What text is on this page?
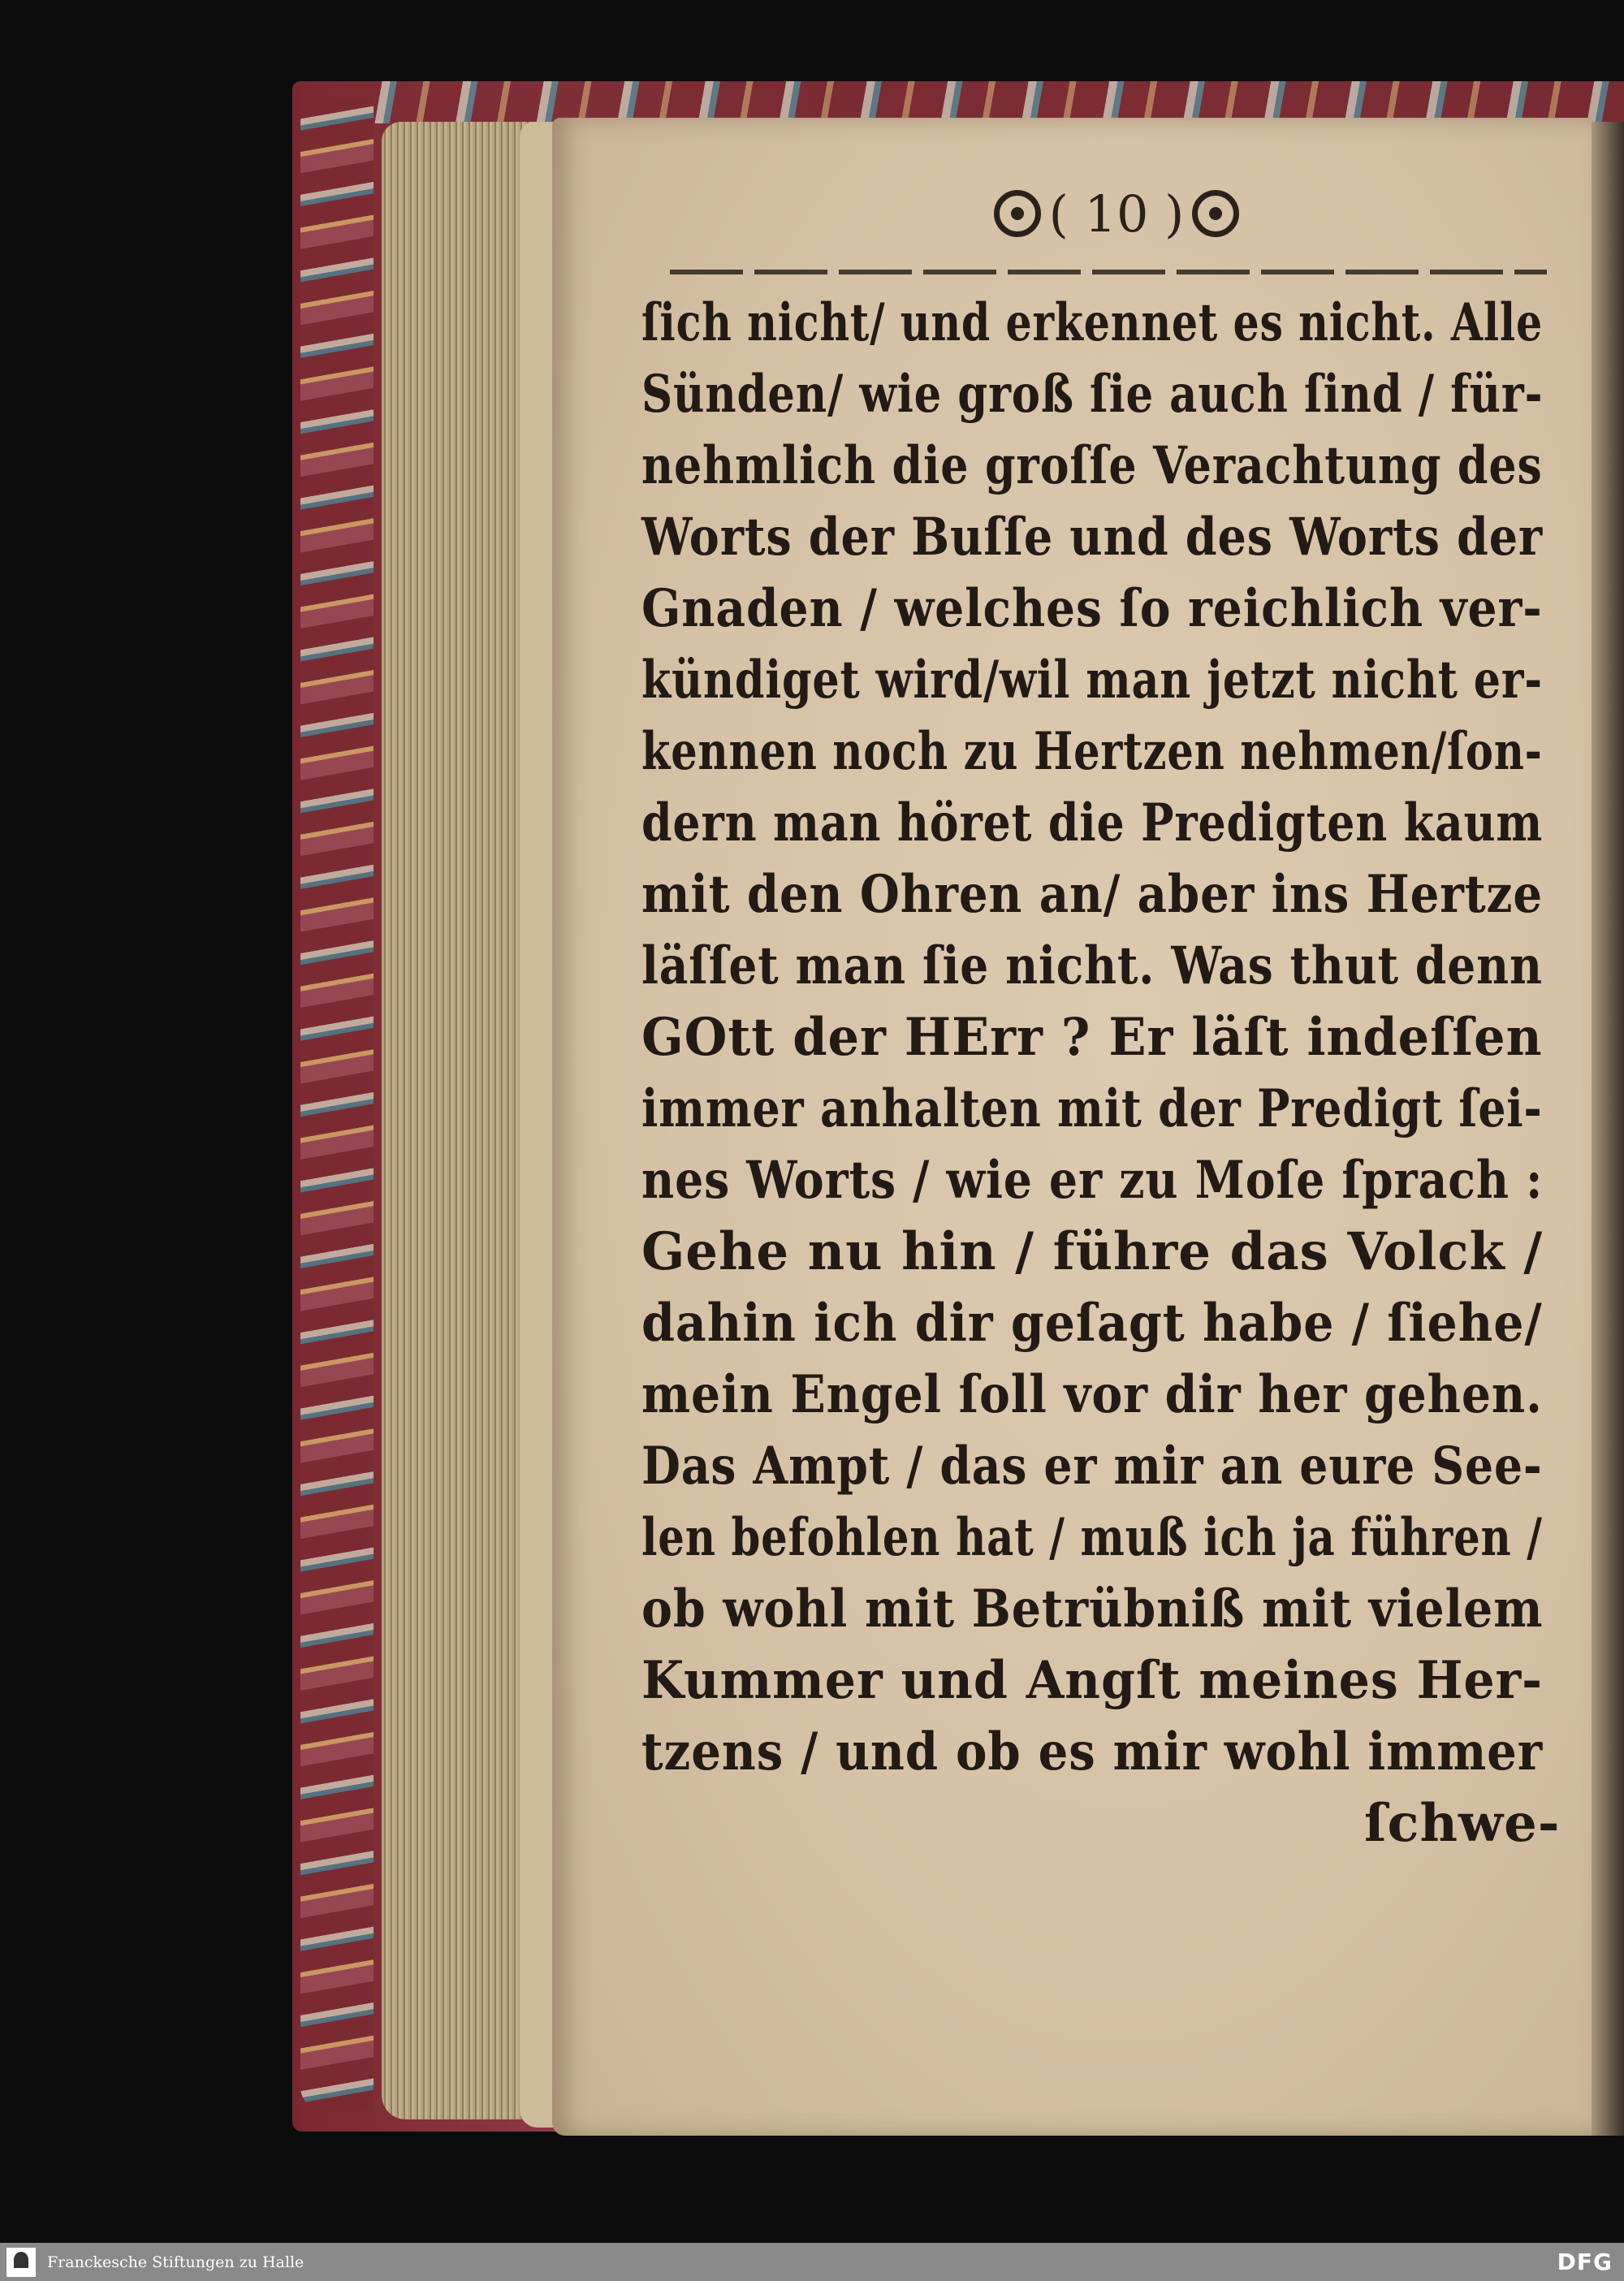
( 10 )
ſich nicht/ und erkennet es nicht. Alle
Sünden/ wie groß ſie auch ſind / für-
nehmlich die groſſe Verachtung des
Worts der Buſſe und des Worts der
Gnaden / welches ſo reichlich ver-
kündiget wird/wil man jetzt nicht er-
kennen noch zu Hertzen nehmen/ſon-
dern man höret die Predigten kaum
mit den Ohren an/ aber ins Hertze
läſſet man ſie nicht. Was thut denn
GOtt der HErr ? Er läſt indeſſen
immer anhalten mit der Predigt ſei-
nes Worts / wie er zu Moſe ſprach :
Gehe nu hin / führe das Volck /
dahin ich dir geſagt habe / ſiehe/
mein Engel ſoll vor dir her gehen.
Das Ampt / das er mir an eure See-
len befohlen hat / muß ich ja führen /
ob wohl mit Betrübniß mit vielem
Kummer und Angſt meines Her-
tzens / und ob es mir wohl immer
ſchwe-
Franckesche Stiftungen zu Halle	DFG
